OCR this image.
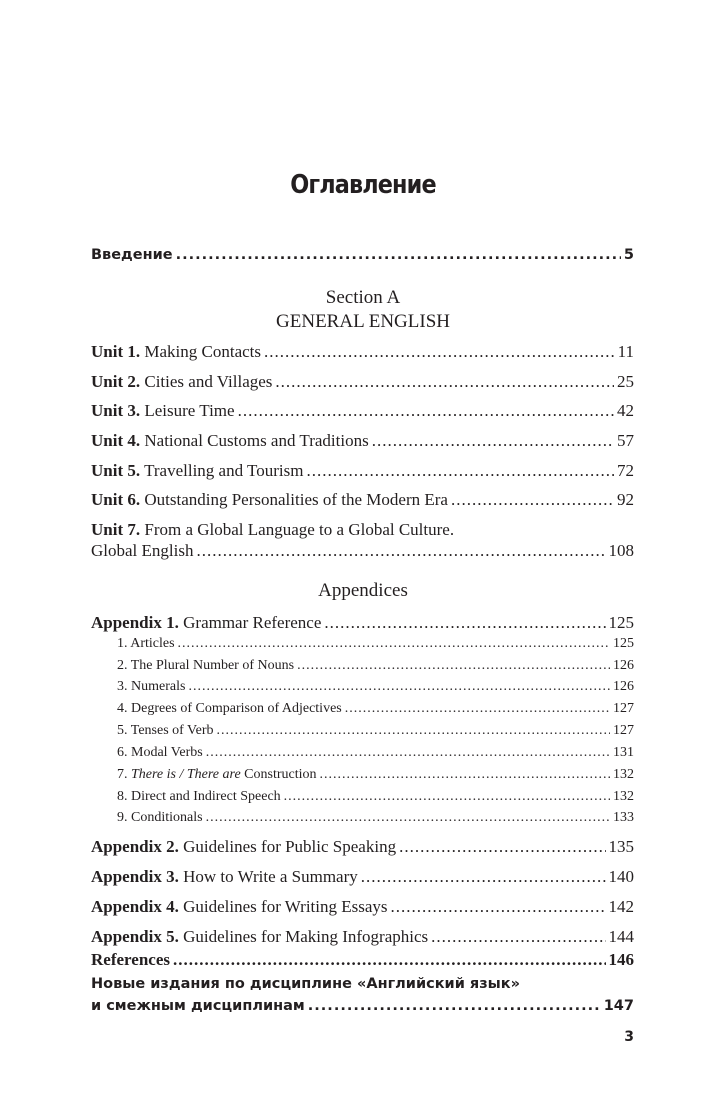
Оглавление
Введение .....	5
Section A
GENERAL ENGLISH
Unit 1. Making Contacts .....	11
Unit 2. Cities and Villages .....	25
Unit 3. Leisure Time .....	42
Unit 4. National Customs and Traditions .....	57
Unit 5. Travelling and Tourism .....	72
Unit 6. Outstanding Personalities of the Modern Era .....	92
Unit 7. From a Global Language to a Global Culture.
Global English .....	108
Appendices
Appendix 1. Grammar Reference .....	125
1. Articles .....	125
2. The Plural Number of Nouns .....	126
3. Numerals .....	126
4. Degrees of Comparison of Adjectives .....	127
5. Tenses of Verb .....	127
6. Modal Verbs .....	131
7. There is / There are Construction .....	132
8. Direct and Indirect Speech .....	132
9. Conditionals .....	133
Appendix 2. Guidelines for Public Speaking .....	135
Appendix 3. How to Write a Summary .....	140
Appendix 4. Guidelines for Writing Essays .....	142
Appendix 5. Guidelines for Making Infographics .....	144
References .....	146
Новые издания по дисциплине «Английский язык»
и смежным дисциплинам .....	147
3
